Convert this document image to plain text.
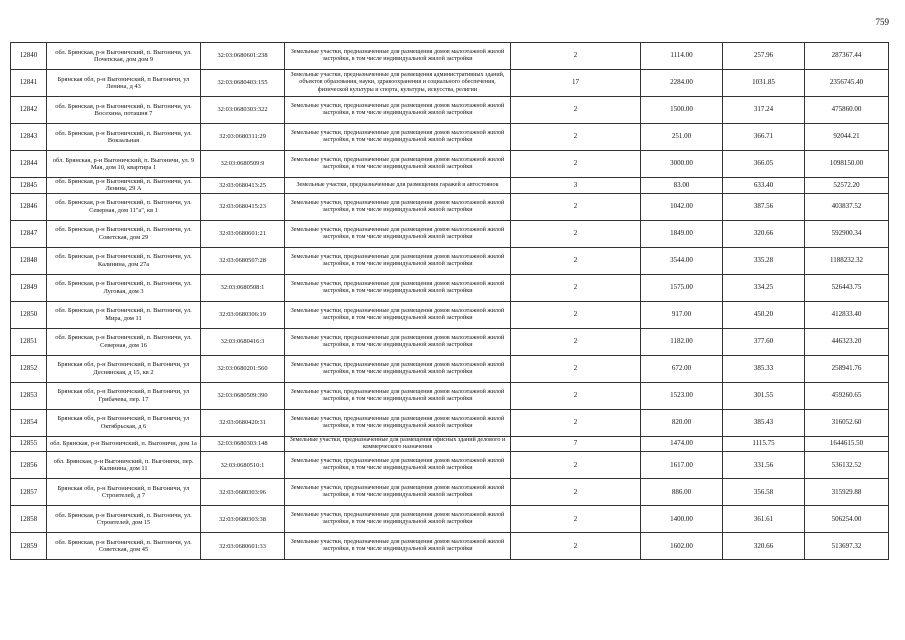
759
12840	обл. Брянская, р-н Выгоничский, п. Выгоничи, ул. Почепская, дом дом 9	32:03:0680601:238	Земельные участки, предназначенные для размещения домов малоэтажной жилой застройки, в том числе индивидуальной жилой застройки	2	1114.00	257.96	287367.44
12841	Брянская обл, р-н Выгоничский, п Выгоничи, ул Ленина, д 43	32:03:0680403:155	Земельные участки, предназначенные для размещения административных зданий, объектов образования, науки, здравоохранения и социального обеспечения, физической культуры и спорта, культуры, искусства, религии	17	2284.00	1031.85	2356745.40
12842	обл. Брянская, р-н Выгоничский, п. Выгоничи, ул. Восехина, поташня 7	32:03:0680303:322	Земельные участки, предназначенные для размещения домов малоэтажной жилой застройки, в том числе индивидуальной жилой застройки	2	1500.00	317.24	475860.00
12843	обл. Брянская, р-н Выгоничский, п. Выгоничи, ул. Вокзальная	32:03:0680311:29	Земельные участки, предназначенные для размещения домов малоэтажной жилой застройки, в том числе индивидуальной жилой застройки	2	251.00	366.71	92044.21
12844	обл. Брянская, р-н Выгоничский, п. Выгоничи, ул. 9 Мая, дом 10, квартира 1	32:03:0680509:9	Земельные участки, предназначенные для размещения домов малоэтажной жилой застройки, в том числе индивидуальной жилой застройки	2	3000.00	366.05	1098150.00
12845	обл. Брянская, р-н Выгоничский, п. Выгоничи, ул. Ленина, 29 А	32:03:0680413:25	Земельные участки, предназначенные для размещения гаражей и автостоянок	3	83.00	633.40	52572.20
12846	обл. Брянская, р-н Выгоничский, п. Выгоничи, ул. Северная, дом 11"а", кв 1	32:03:0680415:23	Земельные участки, предназначенные для размещения домов малоэтажной жилой застройки, в том числе индивидуальной жилой застройки	2	1042.00	387.56	403837.52
12847	обл. Брянская, р-н Выгоничский, п. Выгоничи, ул. Советская, дом 29	32:03:0680601:21	Земельные участки, предназначенные для размещения домов малоэтажной жилой застройки, в том числе индивидуальной жилой застройки	2	1849.00	320.66	592900.34
12848	обл. Брянская, р-н Выгоничский, п. Выгоничи, ул. Калинина, дом 27а	32:03:0680507:28	Земельные участки, предназначенные для размещения домов малоэтажной жилой застройки, в том числе индивидуальной жилой застройки	2	3544.00	335.28	1188232.32
12849	обл. Брянская, р-н Выгоничский, п. Выгоничи, ул. Луговая, дом 3	32:03:0680508:1	Земельные участки, предназначенные для размещения домов малоэтажной жилой застройки, в том числе индивидуальной жилой застройки	2	1575.00	334.25	526443.75
12850	обл. Брянская, р-н Выгоничский, п. Выгоничи, ул. Мира, дом 11	32:03:0680306:19	Земельные участки, предназначенные для размещения домов малоэтажной жилой застройки, в том числе индивидуальной жилой застройки	2	917.00	450.20	412833.40
12851	обл. Брянская, р-н Выгоничский, п. Выгоничи, ул. Северная, дом 16	32:03:0680416:3	Земельные участки, предназначенные для размещения домов малоэтажной жилой застройки, в том числе индивидуальной жилой застройки	2	1182.00	377.60	446323.20
12852	Брянская обл, р-н Выгоничский, п Выгоничи, ул Деснянская, д 15, кв 2	32:03:0680201:560	Земельные участки, предназначенные для размещения домов малоэтажной жилой застройки, в том числе индивидуальной жилой застройки	2	672.00	385.33	258941.76
12853	Брянская обл, р-н Выгоничский, п Выгоничи, ул Грибачева, пер. 17	32:03:0680509:390	Земельные участки, предназначенные для размещения домов малоэтажной жилой застройки, в том числе индивидуальной жилой застройки	2	1523.00	301.55	459260.65
12854	Брянская обл, р-н Выгоничский, п Выгоничи, ул Октябрьская, д 6	32:03:0680420:31	Земельные участки, предназначенные для размещения домов малоэтажной жилой застройки, в том числе индивидуальной жилой застройки	2	820.00	385.43	316052.60
12855	обл. Брянская, р-н Выгоничский, п. Выгоничи, дом 1а	32:03:0680303:148	Земельные участки, предназначенные для размещения офисных зданий делового и коммерческого назначения	7	1474.00	1115.75	1644615.50
12856	обл. Брянская, р-н Выгоничский, п. Выгоничи, пер. Калинина, дом 11	32:03:0680510:1	Земельные участки, предназначенные для размещения домов малоэтажной жилой застройки, в том числе индивидуальной жилой застройки	2	1617.00	331.56	536132.52
12857	Брянская обл, р-н Выгоничский, п Выгоничи, ул Строителей, д 7	32:03:0680303:96	Земельные участки, предназначенные для размещения домов малоэтажной жилой застройки, в том числе индивидуальной жилой застройки	2	886.00	356.58	315929.88
12858	обл. Брянская, р-н Выгоничский, п. Выгоничи, ул. Строителей, дом 15	32:03:0680303:38	Земельные участки, предназначенные для размещения домов малоэтажной жилой застройки, в том числе индивидуальной жилой застройки	2	1400.00	361.61	506254.00
12859	обл. Брянская, р-н Выгоничский, п. Выгоничи, ул. Советская, дом 45	32:03:0680601:33	Земельные участки, предназначенные для размещения домов малоэтажной жилой застройки, в том числе индивидуальной жилой застройки	2	1602.00	320.66	513697.32
